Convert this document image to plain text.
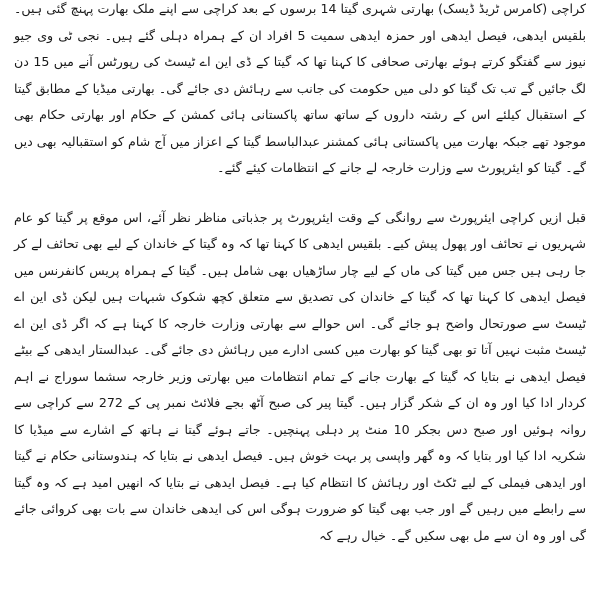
کراچی (کامرس ٹریڈ ڈیسک) بھارتی شہری گیتا 14 برسوں کے بعد کراچی سے اپنے ملک بھارت پہنچ گئی ہیں۔ بلقیس ایدھی، فیصل ایدھی اور حمزہ ایدھی سمیت 5 افراد ان کے ہمراہ دہلی گئے ہیں۔ نجی ٹی وی جیو نیوز سے گفتگو کرتے ہوئے بھارتی صحافی کا کہنا تھا کہ گیتا کے ڈی این اے ٹیسٹ کی رپورٹس آنے میں 15 دن لگ جائیں گے تب تک گیتا کو دلی میں حکومت کی جانب سے رہائش دی جائے گی۔ بھارتی میڈیا کے مطابق گیتا کے استقبال کیلئے اس کے رشتہ داروں کے ساتھ ساتھ پاکستانی ہائی کمشن کے حکام اور بھارتی حکام بھی موجود تھے جبکہ بھارت میں پاکستانی ہائی کمشنر عبدالباسط گیتا کے اعزاز میں آج شام کو استقبالیہ بھی دیں گے۔ گیتا کو ایئرپورٹ سے وزارت خارجہ لے جانے کے انتظامات کیئے گئے۔

قبل ازیں کراچی ایئرپورٹ سے روانگی کے وقت ایئرپورٹ پر جذباتی مناظر نظر آئے، اس موقع پر گیتا کو عام شہریوں نے تحائف اور پھول پیش کیے۔ بلقیس ایدھی کا کہنا تھا کہ وہ گیتا کے خاندان کے لیے بھی تحائف لے کر جا رہی ہیں جس میں گیتا کی ماں کے لیے چار ساڑھیاں بھی شامل ہیں۔ گیتا کے ہمراہ پریس کانفرنس میں فیصل ایدھی کا کہنا تھا کہ گیتا کے خاندان کی تصدیق سے متعلق کچھ شکوک شبہات ہیں لیکن ڈی این اے ٹیسٹ سے صورتحال واضح ہو جائے گی۔ اس حوالے سے بھارتی وزارت خارجہ کا کہنا ہے کہ اگر ڈی این اے ٹیسٹ مثبت نہیں آتا تو بھی گیتا کو بھارت میں کسی ادارے میں رہائش دی جائے گی۔ عبدالستار ایدھی کے بیٹے فیصل ایدھی نے بتایا کہ گیتا کے بھارت جانے کے تمام انتظامات میں بھارتی وزیر خارجہ سشما سوراج نے اہم کردار ادا کیا اور وہ ان کے شکر گزار ہیں۔ گیتا پیر کی صبح آٹھ بجے فلائٹ نمبر پی کے 272 سے کراچی سے روانہ ہوئیں اور صبح دس بجکر 10 منٹ پر دہلی پہنچیں۔ جاتے ہوئے گیتا نے ہاتھ کے اشارے سے میڈیا کا شکریہ ادا کیا اور بتایا کہ وہ گھر واپسی پر بہت خوش ہیں۔ فیصل ایدھی نے بتایا کہ ہندوستانی حکام نے گیتا اور ایدھی فیملی کے لیے ٹکٹ اور رہائش کا انتظام کیا ہے۔ فیصل ایدھی نے بتایا کہ انھیں امید ہے کہ وہ گیتا سے رابطے میں رہیں گے اور جب بھی گیتا کو ضرورت ہوگی اس کی ایدھی خاندان سے بات بھی کروائی جائے گی اور وہ ان سے مل بھی سکیں گے۔ خیال رہے کہ
